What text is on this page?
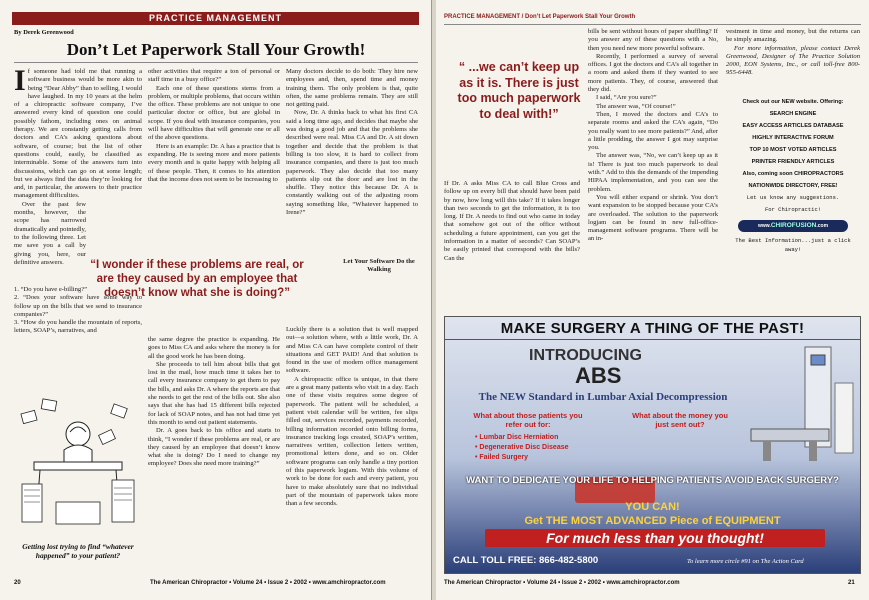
PRACTICE MANAGEMENT
By Derek Greenwood
Don’t Let Paperwork Stall Your Growth!

If someone had told me that running a software business would be more akin to being “Dear Abby” than to selling, I would have laughed. In my 10 years at the helm of a chiropractic software company, I’ve answered every kind of question one could possibly fathom, including ones on animal therapy. We are constantly getting calls from doctors and CA’s asking questions about software, of course; but the list of other questions could, easily, be classified as interminable. Some of the answers turn into discussions, which can go on at some length; but we always find the data they’re looking for and, in particular, the answers to their practice management difficulties.

Over the past few months, however, the scope has narrowed dramatically and pointedly, to the following three. Let me save you a call by giving you, here, our definitive answers.

1. “Do you have e-billing?”

2. “Does your software have some way to follow up on the bills that we send to insurance companies?”

3. “How do you handle the mountain of reports, letters, SOAP’s, narratives, and

other activities that require a ton of personal or staff time in a busy office?”

Each one of these questions stems from a problem, or multiple problems, that occurs within the office. These problems are not unique to one particular doctor or office, but are global in scope. If you deal with insurance companies, you will have difficulties that will generate one or all of the above questions.

Here is an example: Dr. A has a practice that is expanding. He is seeing more and more patients every month and is quite happy with helping all of these people. Then, it comes to his attention that the income does not seem to be increasing to

Many doctors decide to do both: They hire new employees and, then, spend time and money training them. The only problem is that, quite often, the same problems remain. They are still not getting paid.

Now, Dr. A thinks back to what his first CA said a long time ago, and decides that maybe she was doing a good job and that the problems she described were real. Miss CA and Dr. A sit down together and decide that the problem is that billing is too slow, it is hard to collect from insurance companies, and there is just too much paperwork. They also decide that too many patients slip out the door and are lost in the shuffle. They notice this because Dr. A is constantly walking out of the adjusting room saying something like, “Whatever happened to Irene?”

“I wonder if these problems are real, or are they caused by an employee that doesn’t know what she is doing?”

Let Your Software Do the Walking

the same degree the practice is expanding. He goes to Miss CA and asks where the money is for all the good work he has been doing.

She proceeds to tell him about bills that got lost in the mail, how much time it takes her to call every insurance company to get them to pay the bills, and asks Dr. A where the reports are that she needs to get the rest of the bills out. She also says that she has had 15 different bills rejected for lack of SOAP notes, and has not had time yet this month to send out patient statements.

Dr. A goes back to his office and starts to think, “I wonder if these problems are real, or are they caused by an employee that doesn’t know what she is doing? Do I need to change my employee? Does she need more training?”

Luckily there is a solution that is well mapped out—a solution where, with a little work, Dr. A and Miss CA can have complete control of their situations and GET PAID! And that solution is found in the use of modern office management software.

A chiropractic office is unique, in that there are a great many patients who visit in a day. Each one of these visits requires some degree of paperwork. The patient will be scheduled, a patient visit calendar will be written, fee slips filled out, services recorded, payments recorded, billing information recorded onto billing forms, insurance tracking logs created, SOAP’s written, narratives written, collection letters written, promotional letters done, and so on. Older software programs can only handle a tiny portion of this paperwork logjam. With this volume of work to be done for each and every patient, you have to make absolutely sure that no individual part of the mountain of paperwork takes more than a few seconds.

Getting lost trying to find “whatever happened” to your patient?
20	The American Chiropractor • Volume 24 • Issue 2 • 2002 • www.amchiropractor.com
PRACTICE MANAGEMENT / Don’t Let Paperwork Stall Your Growth
“ ...we can’t keep up as it is. There is just too much paperwork to deal with!”

If Dr. A asks Miss CA to call Blue Cross and follow up on every bill that should have been paid by now, how long will this take? If it takes longer than two seconds to get the information, it is too long. If Dr. A needs to find out who came in today that somehow got out of the office without scheduling a future appointment, can you get the information in a matter of seconds? Can SOAP’s be easily printed that correspond with the bills? Can the

bills be sent without hours of paper shuffling? If you answer any of these questions with a No, then you need new more powerful software.

Recently, I performed a survey of several offices. I got the doctors and CA’s all together in a room and asked them if they wanted to see more patients. They, of course, answered that they did.

I said, “Are you sure?”

The answer was, “Of course!”

Then, I moved the doctors and CA’s to separate rooms and asked the CA’s again, “Do you really want to see more patients?” And, after a little prodding, the answer I got may surprise you.

The answer was, “No, we can’t keep up as it is! There is just too much paperwork to deal with.” Add to this the demands of the impending HIPAA implementation, and you can see the problem.

You will either expand or shrink. You don’t want expansion to be stopped because your CA’s are overloaded. The solution to the paperwork logjam can be found in new full-office-management software programs. There will be an in-

vestment in time and money, but the returns can be simply amazing.

For more information, please contact Derek Greenwood, Designer of The Practice Solution 2000, EON Systems, Inc., or call toll-free 800-955-6448.

Check out our NEW website. Offering:
SEARCH ENGINE
EASY ACCESS ARTICLES DATABASE
HIGHLY INTERACTIVE FORUM
TOP 10 MOST VOTED ARTICLES
PRINTER FRIENDLY ARTICLES
Also, coming soon CHIROPRACTORS
NATIONWIDE DIRECTORY, FREE!
Let us know any suggestions.
For Chiropractic!
www.CHIROFUSION.com
The Best Information...just a click
away!
MAKE SURGERY A THING OF THE PAST!
INTRODUCING
ABS
The NEW Standard in Lumbar Axial Decompression
What about those patients you refer out for:
What about the money you just sent out?
• Lumbar Disc Herniation
• Degenerative Disc Disease
• Failed Surgery
WANT TO DEDICATE YOUR LIFE TO HELPING PATIENTS AVOID BACK SURGERY?
YOU CAN!
Get THE MOST ADVANCED Piece of EQUIPMENT
For much less than you thought!
CALL TOLL FREE: 866-482-5800	To learn more circle #91 on The Action Card
The American Chiropractor • Volume 24 • Issue 2 • 2002 • www.amchiropractor.com	21
